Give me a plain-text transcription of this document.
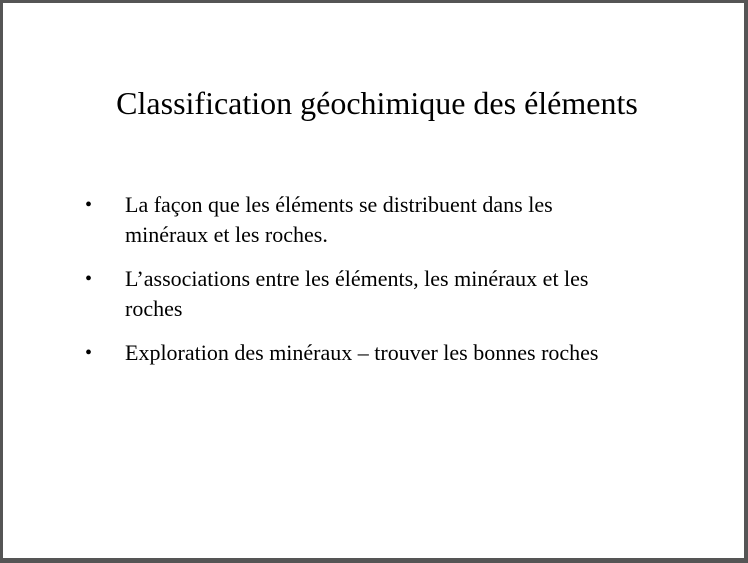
Classification géochimique des éléments
•	La façon que les éléments se distribuent dans les
minéraux et les roches.
•	L’associations entre les éléments, les minéraux et les
roches
•	Exploration des minéraux – trouver les bonnes roches
